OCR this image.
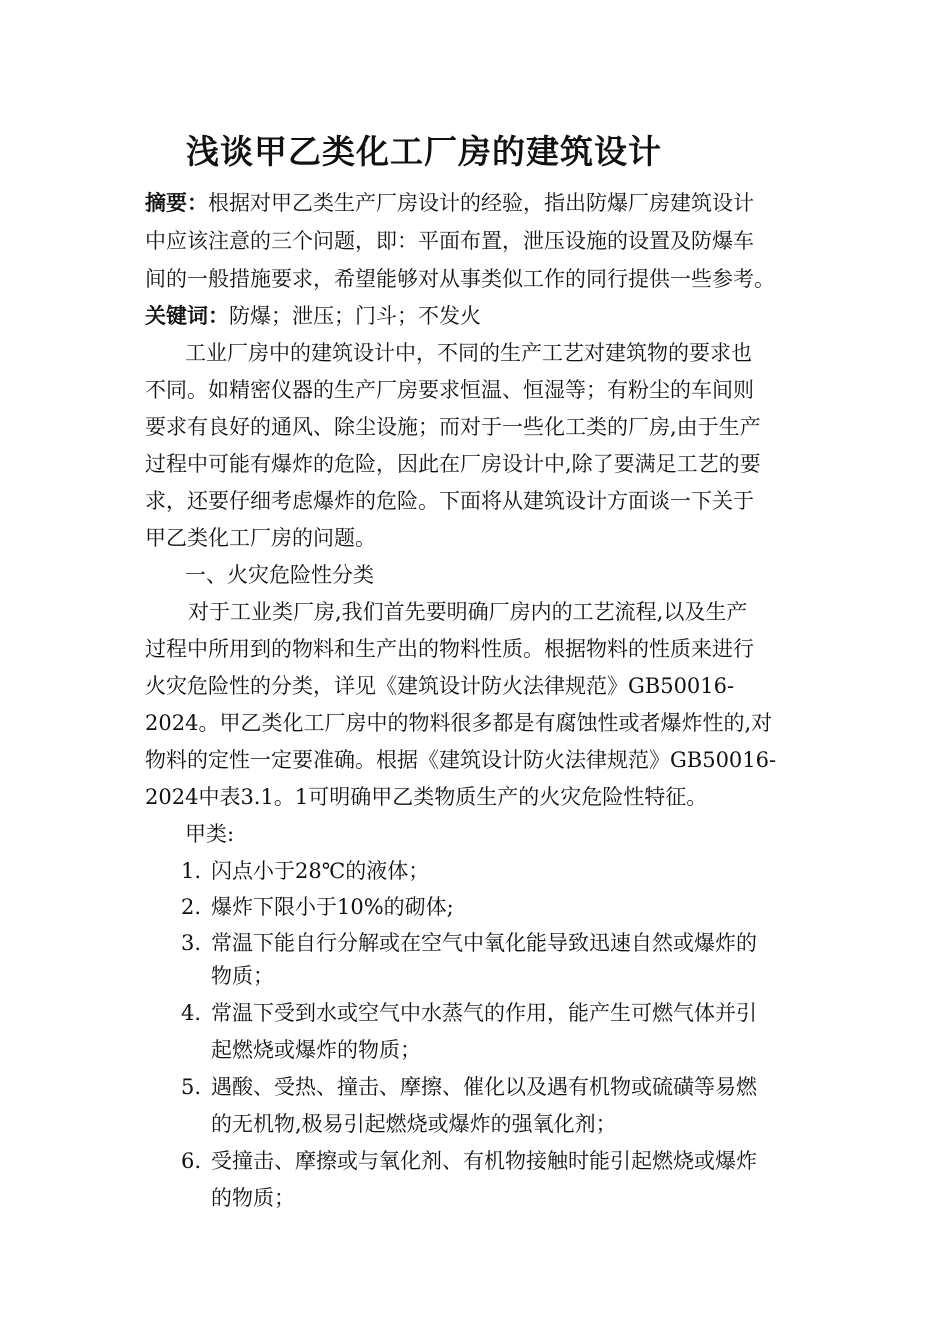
浅谈甲乙类化工厂房的建筑设计
摘要：根据对甲乙类生产厂房设计的经验，指出防爆厂房建筑设计
中应该注意的三个问题，即：平面布置，泄压设施的设置及防爆车
间的一般措施要求，希望能够对从事类似工作的同行提供一些参考。
关键词：防爆；泄压；门斗；不发火
工业厂房中的建筑设计中，不同的生产工艺对建筑物的要求也
不同。如精密仪器的生产厂房要求恒温、恒湿等；有粉尘的车间则
要求有良好的通风、除尘设施；而对于一些化工类的厂房,由于生产
过程中可能有爆炸的危险，因此在厂房设计中,除了要满足工艺的要
求，还要仔细考虑爆炸的危险。下面将从建筑设计方面谈一下关于
甲乙类化工厂房的问题。
一、火灾危险性分类
对于工业类厂房,我们首先要明确厂房内的工艺流程,以及生产
过程中所用到的物料和生产出的物料性质。根据物料的性质来进行
火灾危险性的分类，详见《建筑设计防火法律规范》GB50016-
2024。甲乙类化工厂房中的物料很多都是有腐蚀性或者爆炸性的,对
物料的定性一定要准确。根据《建筑设计防火法律规范》GB50016-
2024中表3.1。1可明确甲乙类物质生产的火灾危险性特征。
甲类:
1. 闪点小于28℃的液体；
2. 爆炸下限小于10%的砌体;
3. 常温下能自行分解或在空气中氧化能导致迅速自然或爆炸的
物质；
4. 常温下受到水或空气中水蒸气的作用，能产生可燃气体并引
起燃烧或爆炸的物质；
5. 遇酸、受热、撞击、摩擦、催化以及遇有机物或硫磺等易燃
的无机物,极易引起燃烧或爆炸的强氧化剂；
6. 受撞击、摩擦或与氧化剂、有机物接触时能引起燃烧或爆炸
的物质；
